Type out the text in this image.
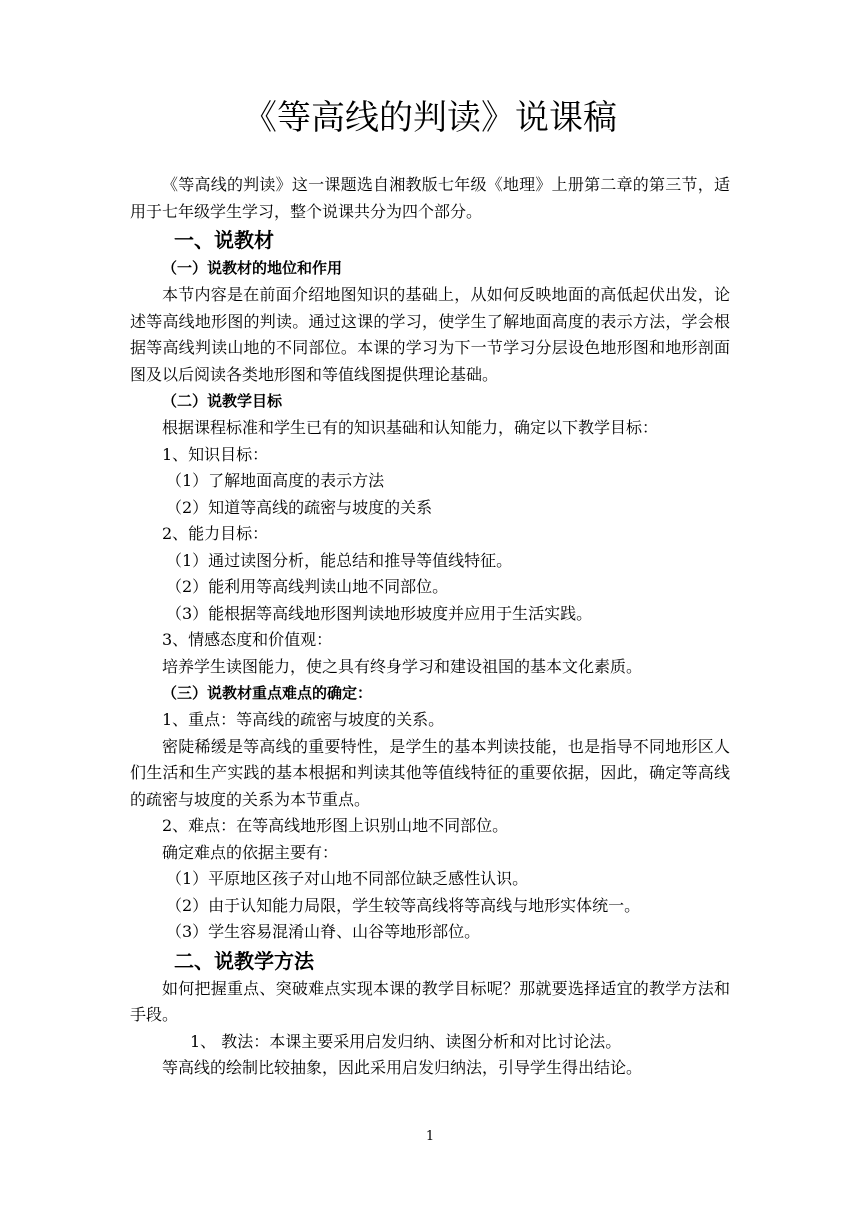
《等高线的判读》说课稿

《等高线的判读》这一课题选自湘教版七年级《地理》上册第二章的第三节，适用于七年级学生学习，整个说课共分为四个部分。

一、说教材

（一）说教材的地位和作用

本节内容是在前面介绍地图知识的基础上，从如何反映地面的高低起伏出发，论述等高线地形图的判读。通过这课的学习，使学生了解地面高度的表示方法，学会根据等高线判读山地的不同部位。本课的学习为下一节学习分层设色地形图和地形剖面图及以后阅读各类地形图和等值线图提供理论基础。

（二）说教学目标

根据课程标准和学生已有的知识基础和认知能力，确定以下教学目标：

1、知识目标：

（1）了解地面高度的表示方法

（2）知道等高线的疏密与坡度的关系

2、能力目标：

（1）通过读图分析，能总结和推导等值线特征。

（2）能利用等高线判读山地不同部位。

（3）能根据等高线地形图判读地形坡度并应用于生活实践。

3、情感态度和价值观：

培养学生读图能力，使之具有终身学习和建设祖国的基本文化素质。

（三）说教材重点难点的确定：

1、重点：等高线的疏密与坡度的关系。

密陡稀缓是等高线的重要特性，是学生的基本判读技能，也是指导不同地形区人们生活和生产实践的基本根据和判读其他等值线特征的重要依据，因此，确定等高线的疏密与坡度的关系为本节重点。

2、难点：在等高线地形图上识别山地不同部位。

确定难点的依据主要有：

（1）平原地区孩子对山地不同部位缺乏感性认识。

（2）由于认知能力局限，学生较等高线将等高线与地形实体统一。

（3）学生容易混淆山脊、山谷等地形部位。

二、说教学方法

如何把握重点、突破难点实现本课的教学目标呢？那就要选择适宜的教学方法和手段。

1、 教法：本课主要采用启发归纳、读图分析和对比讨论法。

等高线的绘制比较抽象，因此采用启发归纳法，引导学生得出结论。

1
